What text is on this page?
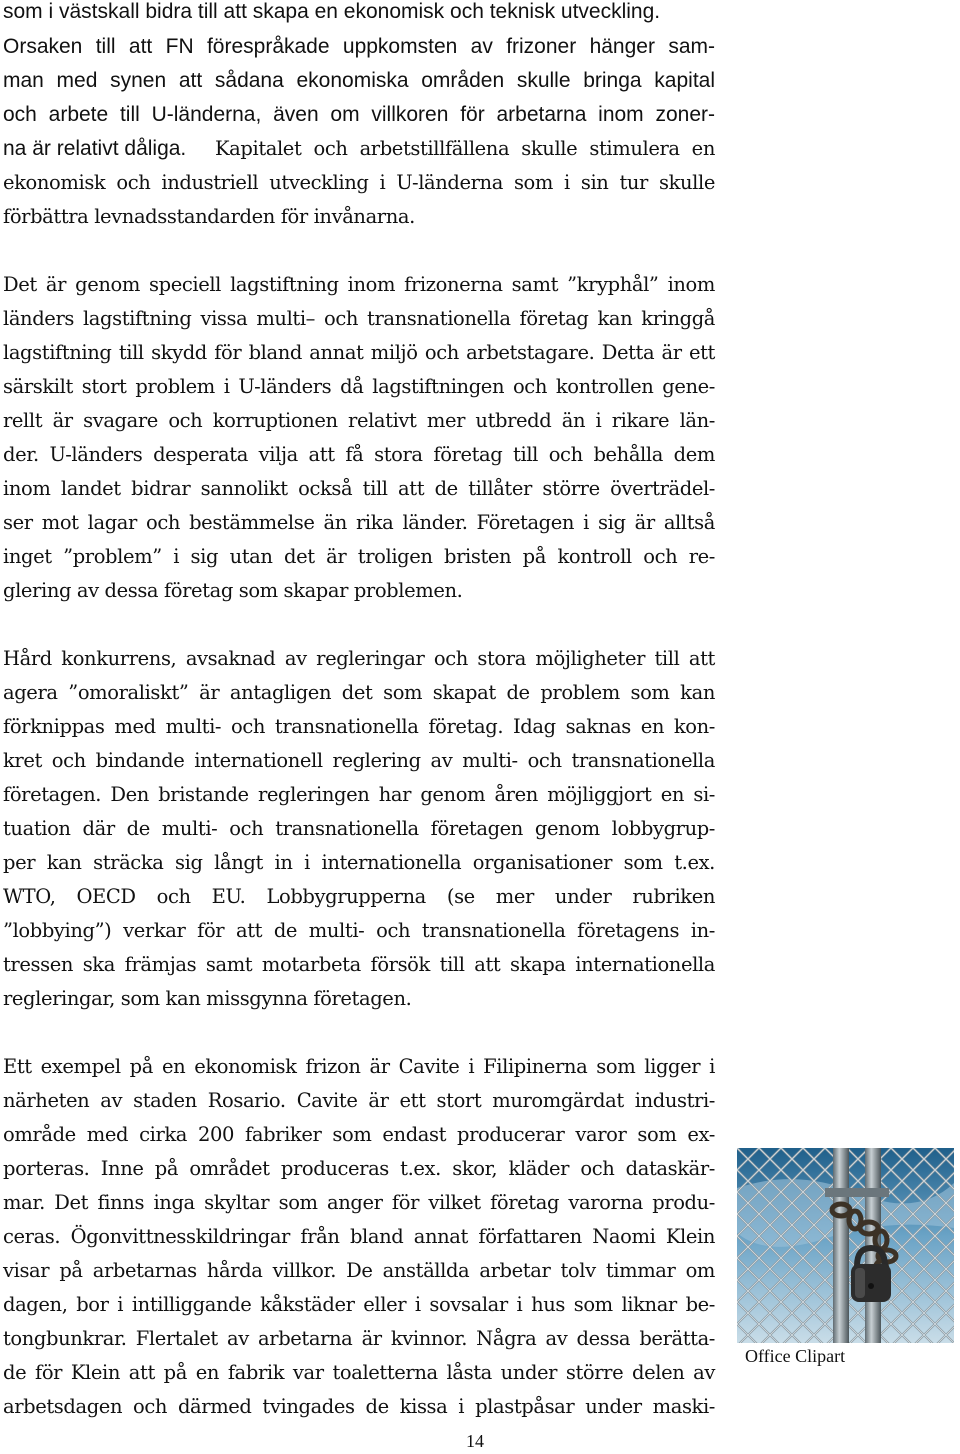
som i västskall bidra till att skapa en ekonomisk och teknisk utveckling.
Orsaken till att FN förespråkade uppkomsten av frizoner hänger sam-
man med synen att sådana ekonomiska områden skulle bringa kapital
och arbete till U-länderna, även om villkoren för arbetarna inom zoner-
na är relativt dåliga.	Kapitalet och arbetstillfällena skulle stimulera en
ekonomisk och industriell utveckling i U-länderna som i sin tur skulle
förbättra levnadsstandarden för invånarna.
Det är genom speciell lagstiftning inom frizonerna samt ”kryphål” inom
länders lagstiftning vissa multi– och transnationella företag kan kringgå
lagstiftning till skydd för bland annat miljö och arbetstagare. Detta är ett
särskilt stort problem i U-länders då lagstiftningen och kontrollen gene-
rellt är svagare och korruptionen relativt mer utbredd än i rikare län-
der. U-länders desperata vilja att få stora företag till och behålla dem
inom landet bidrar sannolikt också till att de tillåter större överträdel-
ser mot lagar och bestämmelse än rika länder. Företagen i sig är alltså
inget ”problem” i sig utan det är troligen bristen på kontroll och re-
glering av dessa företag som skapar problemen.
Hård konkurrens, avsaknad av regleringar och stora möjligheter till att
agera ”omoraliskt” är antagligen det som skapat de problem som kan
förknippas med multi- och transnationella företag. Idag saknas en kon-
kret och bindande internationell reglering av multi- och transnationella
företagen. Den bristande regleringen har genom åren möjliggjort en si-
tuation där de multi- och transnationella företagen genom lobbygrup-
per kan sträcka sig långt in i internationella organisationer som t.ex.
WTO, OECD och EU. Lobbygrupperna (se mer under rubriken
”lobbying”) verkar för att de multi- och transnationella företagens in-
tressen ska främjas samt motarbeta försök till att skapa internationella
regleringar, som kan missgynna företagen.
Ett exempel på en ekonomisk frizon är Cavite i Filipinerna som ligger i
närheten av staden Rosario. Cavite är ett stort muromgärdat industri-
område med cirka 200 fabriker som endast producerar varor som ex-
porteras. Inne på området produceras t.ex. skor, kläder och dataskär-
mar. Det finns inga skyltar som anger för vilket företag varorna produ-
ceras. Ögonvittnesskildringar från bland annat författaren Naomi Klein
visar på arbetarnas hårda villkor. De anställda arbetar tolv timmar om
dagen, bor i intilliggande kåkstäder eller i sovsalar i hus som liknar be-
tongbunkrar. Flertalet av arbetarna är kvinnor. Några av dessa berätta-
de för Klein att på en fabrik var toaletterna låsta under större delen av
arbetsdagen och därmed tvingades de kissa i plastpåsar under maski-
Office Clipart
14
